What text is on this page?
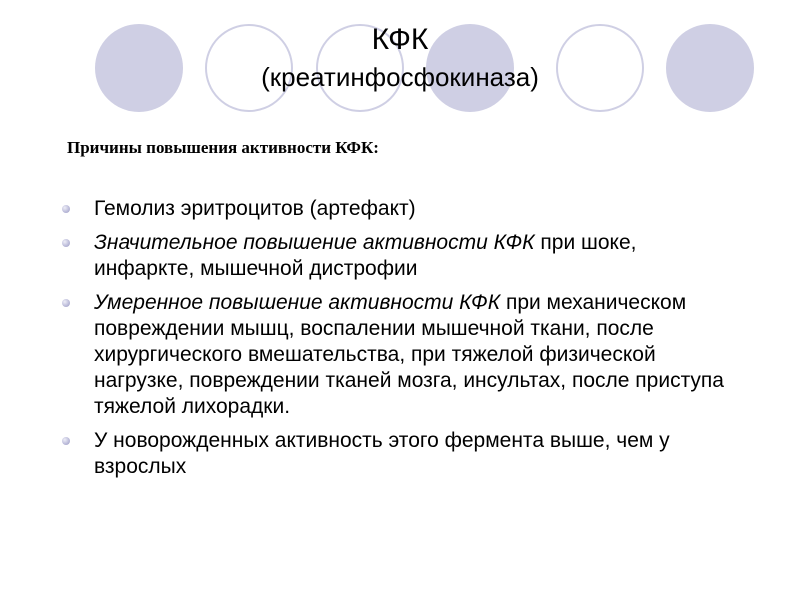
КФК
(креатинфосфокиназа)
Причины повышения активности КФК:
Гемолиз эритроцитов (артефакт)
Значительное повышение активности КФК при шоке, инфаркте, мышечной дистрофии
Умеренное повышение активности КФК при механическом повреждении мышц, воспалении мышечной ткани, после хирургического вмешательства, при тяжелой физической нагрузке, повреждении тканей мозга, инсультах, после приступа тяжелой лихорадки.
У новорожденных активность этого фермента выше, чем у взрослых
